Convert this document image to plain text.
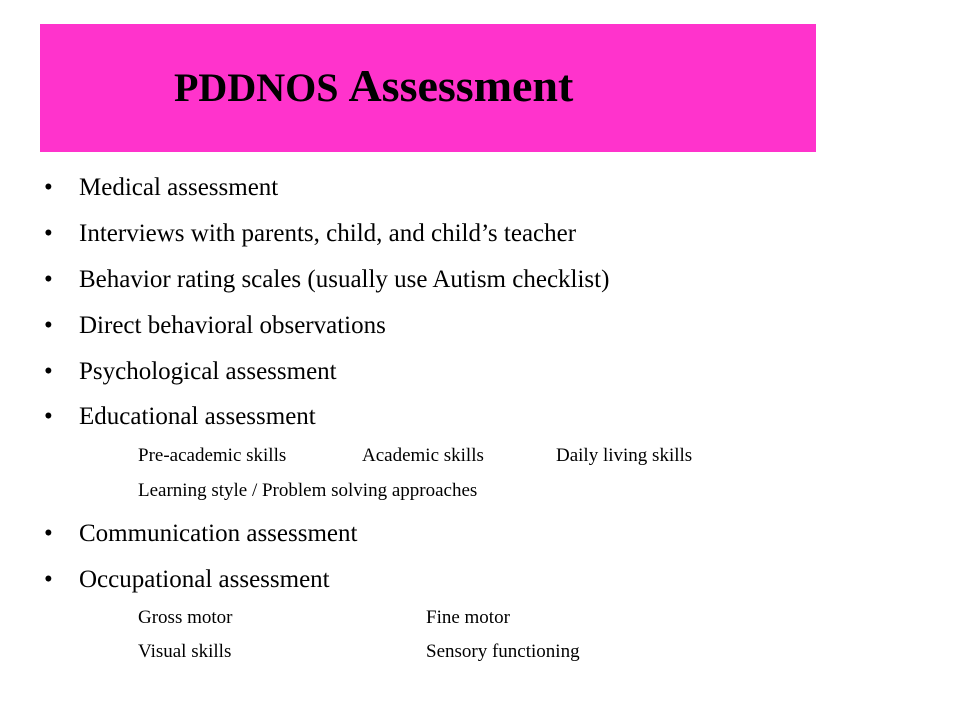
PDDNOS Assessment
• Medical assessment
• Interviews with parents, child, and child’s teacher
• Behavior rating scales (usually use Autism checklist)
• Direct behavioral observations
• Psychological assessment
• Educational assessment
Pre-academic skills	Academic skills	Daily living skills
Learning style / Problem solving approaches
• Communication assessment
• Occupational assessment
Gross motor	Fine motor
Visual skills	Sensory functioning
